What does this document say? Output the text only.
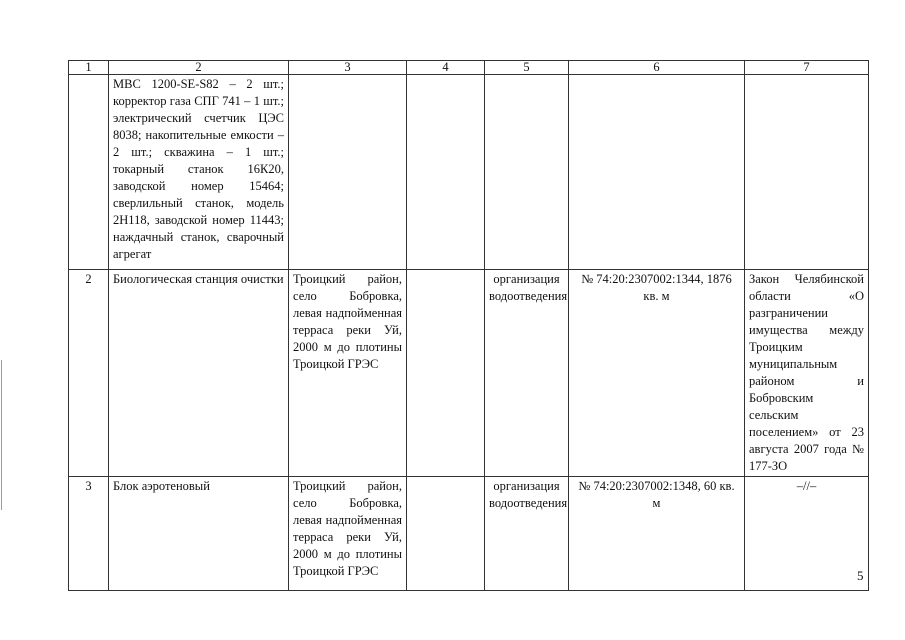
1	2	3	4	5	6	7
	МВС 1200-SE-S82 – 2 шт.; корректор газа СПГ 741 – 1 шт.; электрический счетчик ЦЭС 8038; накопительные емкости – 2 шт.; скважина – 1 шт.; токарный станок 16К20, заводской номер 15464; сверлильный станок, модель 2Н118, заводской номер 11443; наждачный станок, сварочный агрегат					
2	Биологическая станция очистки	Троицкий район, село Бобровка, левая надпойменная терраса реки Уй, 2000 м до плотины Троицкой ГРЭС		организация водоотведения	№ 74:20:2307002:1344, 1876 кв. м	Закон Челябинской области «О разграничении имущества между Троицким муниципальным районом и Бобровским сельским поселением» от 23 августа 2007 года № 177-ЗО
3	Блок аэротеновый	Троицкий район, село Бобровка, левая надпойменная терраса реки Уй, 2000 м до плотины Троицкой ГРЭС		организация водоотведения	№ 74:20:2307002:1348, 60 кв. м	–//–
5
